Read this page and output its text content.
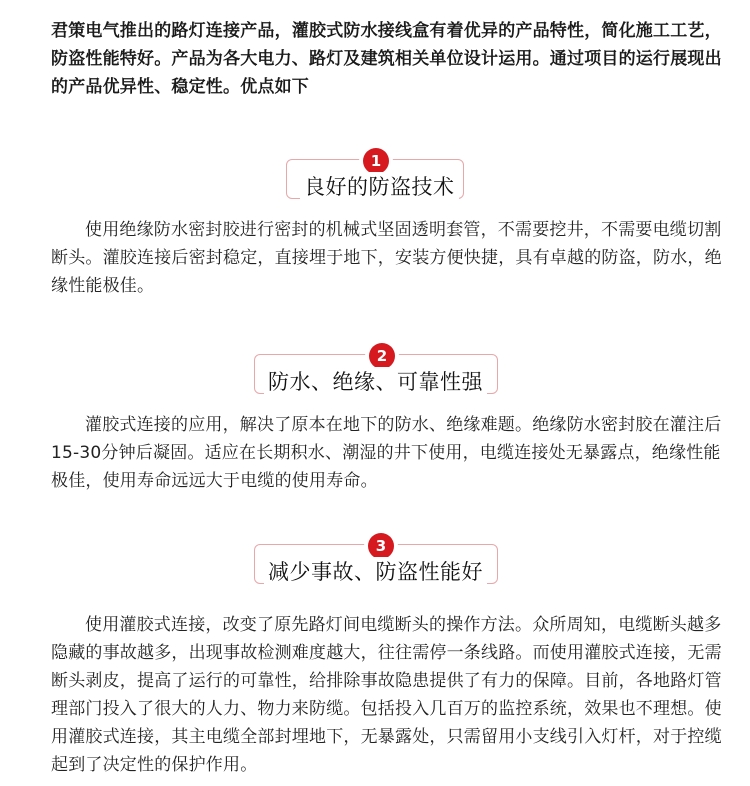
君策电气推出的路灯连接产品，灌胶式防水接线盒有着优异的产品特性，简化施工工艺，防盗性能特好。产品为各大电力、路灯及建筑相关单位设计运用。通过项目的运行展现出的产品优异性、稳定性。优点如下
1
良好的防盗技术
使用绝缘防水密封胶进行密封的机械式坚固透明套管，不需要挖井，不需要电缆切割断头。灌胶连接后密封稳定，直接埋于地下，安装方便快捷，具有卓越的防盗，防水，绝缘性能极佳。
2
防水、绝缘、可靠性强
灌胶式连接的应用，解决了原本在地下的防水、绝缘难题。绝缘防水密封胶在灌注后15-30分钟后凝固。适应在长期积水、潮湿的井下使用，电缆连接处无暴露点，绝缘性能极佳，使用寿命远远大于电缆的使用寿命。
3
减少事故、防盗性能好
使用灌胶式连接，改变了原先路灯间电缆断头的操作方法。众所周知，电缆断头越多隐藏的事故越多，出现事故检测难度越大，往往需停一条线路。而使用灌胶式连接，无需断头剥皮，提高了运行的可靠性，给排除事故隐患提供了有力的保障。目前，各地路灯管理部门投入了很大的人力、物力来防缆。包括投入几百万的监控系统，效果也不理想。使用灌胶式连接，其主电缆全部封埋地下，无暴露处，只需留用小支线引入灯杆，对于控缆起到了决定性的保护作用。
